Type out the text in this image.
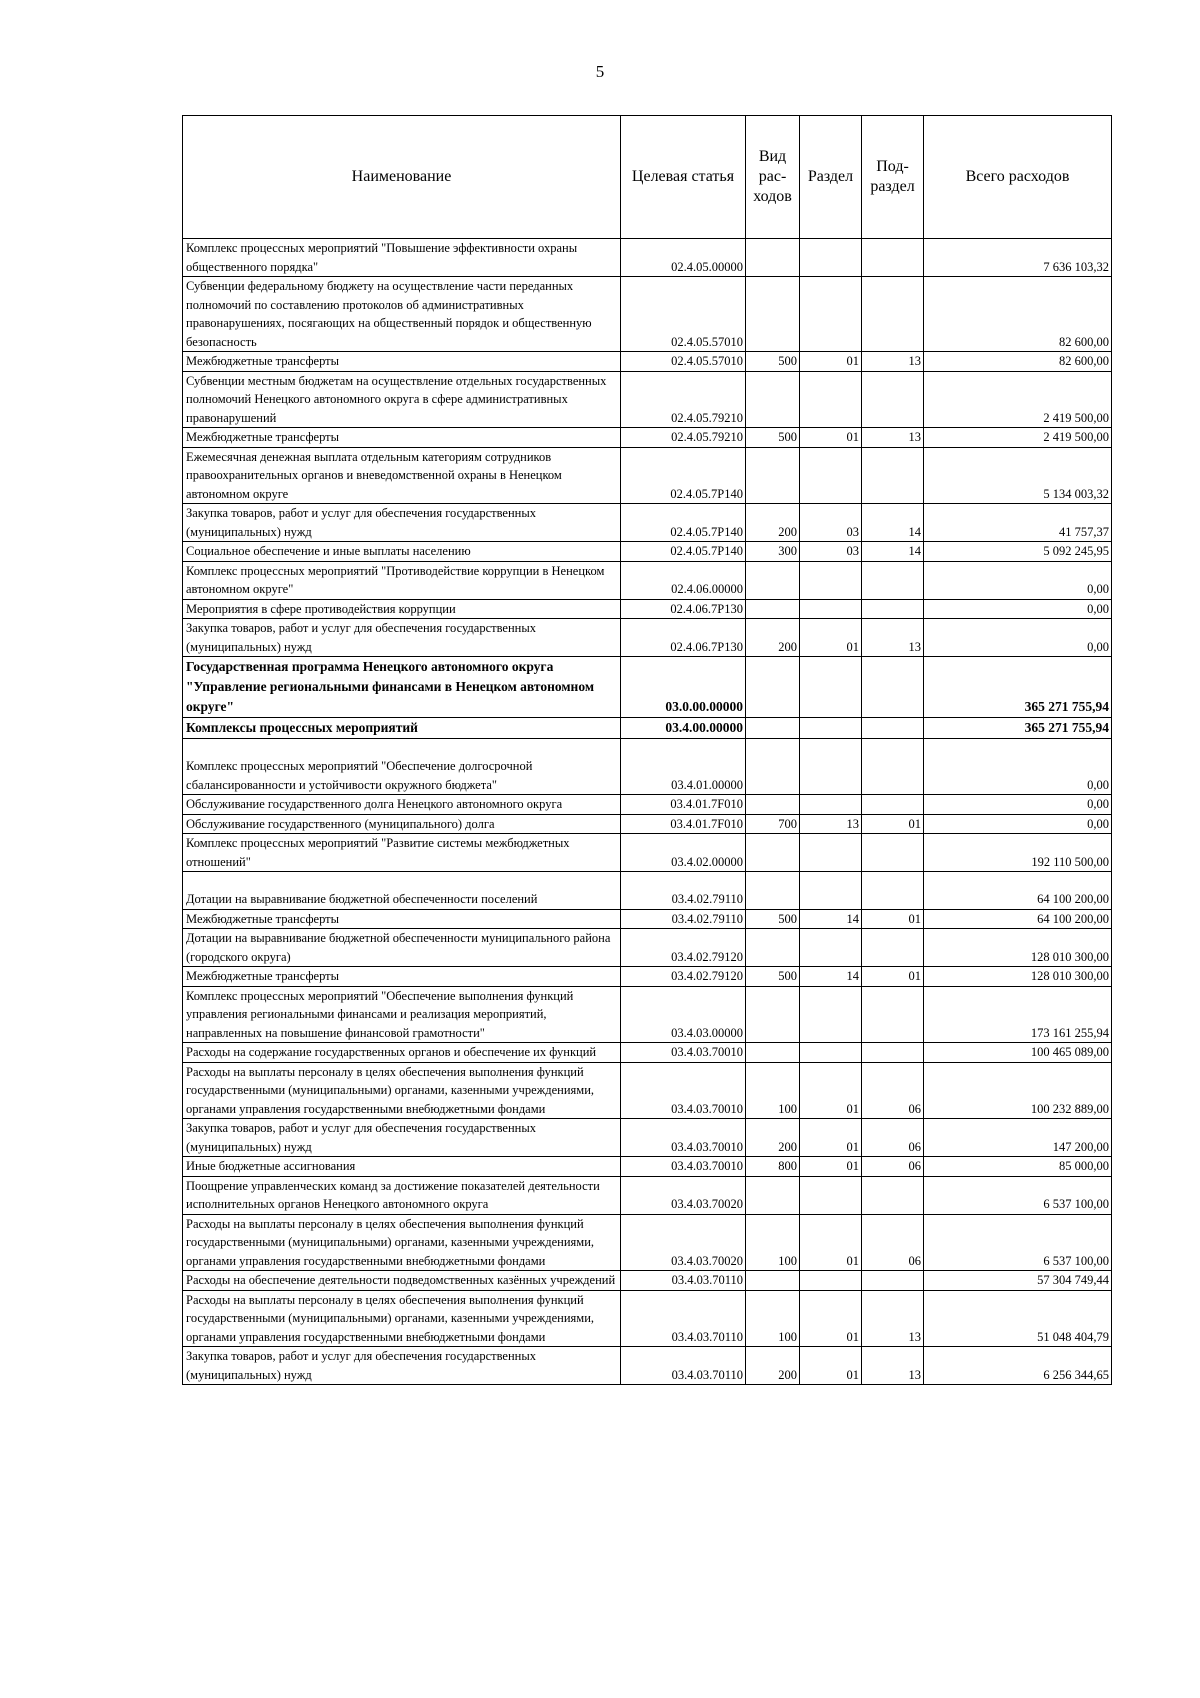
5
Наименование	Целевая статья	Вид рас-ходов	Раздел	Под-раздел	Всего расходов
Комплекс процессных мероприятий "Повышение эффективности охраны общественного порядка"	02.4.05.00000				7 636 103,32
Субвенции федеральному бюджету на осуществление части переданных полномочий по составлению протоколов об административных правонарушениях, посягающих на общественный порядок и общественную безопасность	02.4.05.57010				82 600,00
Межбюджетные трансферты	02.4.05.57010	500	01	13	82 600,00
Субвенции местным бюджетам на осуществление отдельных государственных полномочий Ненецкого автономного округа в сфере административных правонарушений	02.4.05.79210				2 419 500,00
Межбюджетные трансферты	02.4.05.79210	500	01	13	2 419 500,00
Ежемесячная денежная выплата отдельным категориям сотрудников правоохранительных органов и вневедомственной охраны в Ненецком автономном округе	02.4.05.7Р140				5 134 003,32
Закупка товаров, работ и услуг для обеспечения государственных (муниципальных) нужд	02.4.05.7Р140	200	03	14	41 757,37
Социальное обеспечение и иные выплаты населению	02.4.05.7Р140	300	03	14	5 092 245,95
Комплекс процессных мероприятий "Противодействие коррупции в Ненецком автономном округе"	02.4.06.00000				0,00
Мероприятия в сфере противодействия коррупции	02.4.06.7Р130				0,00
Закупка товаров, работ и услуг для обеспечения государственных (муниципальных) нужд	02.4.06.7Р130	200	01	13	0,00
Государственная программа Ненецкого автономного округа "Управление региональными финансами в Ненецком автономном округе"	03.0.00.00000				365 271 755,94
Комплексы процессных мероприятий	03.4.00.00000				365 271 755,94
Комплекс процессных мероприятий "Обеспечение долгосрочной сбалансированности и устойчивости окружного бюджета"	03.4.01.00000				0,00
Обслуживание государственного долга Ненецкого автономного округа	03.4.01.7F010				0,00
Обслуживание государственного (муниципального) долга	03.4.01.7F010	700	13	01	0,00
Комплекс процессных мероприятий "Развитие системы межбюджетных отношений"	03.4.02.00000				192 110 500,00
Дотации на выравнивание бюджетной обеспеченности поселений	03.4.02.79110				64 100 200,00
Межбюджетные трансферты	03.4.02.79110	500	14	01	64 100 200,00
Дотации на выравнивание бюджетной обеспеченности муниципального района (городского округа)	03.4.02.79120				128 010 300,00
Межбюджетные трансферты	03.4.02.79120	500	14	01	128 010 300,00
Комплекс процессных мероприятий "Обеспечение выполнения функций управления региональными финансами и реализация мероприятий, направленных на повышение финансовой грамотности"	03.4.03.00000				173 161 255,94
Расходы на содержание государственных органов и обеспечение их функций	03.4.03.70010				100 465 089,00
Расходы на выплаты персоналу в целях обеспечения выполнения функций государственными (муниципальными) органами, казенными учреждениями, органами управления государственными внебюджетными фондами	03.4.03.70010	100	01	06	100 232 889,00
Закупка товаров, работ и услуг для обеспечения государственных (муниципальных) нужд	03.4.03.70010	200	01	06	147 200,00
Иные бюджетные ассигнования	03.4.03.70010	800	01	06	85 000,00
Поощрение управленческих команд за достижение показателей деятельности исполнительных органов Ненецкого автономного округа	03.4.03.70020				6 537 100,00
Расходы на выплаты персоналу в целях обеспечения выполнения функций государственными (муниципальными) органами, казенными учреждениями, органами управления государственными внебюджетными фондами	03.4.03.70020	100	01	06	6 537 100,00
Расходы на обеспечение деятельности подведомственных казённых учреждений	03.4.03.70110				57 304 749,44
Расходы на выплаты персоналу в целях обеспечения выполнения функций государственными (муниципальными) органами, казенными учреждениями, органами управления государственными внебюджетными фондами	03.4.03.70110	100	01	13	51 048 404,79
Закупка товаров, работ и услуг для обеспечения государственных (муниципальных) нужд	03.4.03.70110	200	01	13	6 256 344,65
